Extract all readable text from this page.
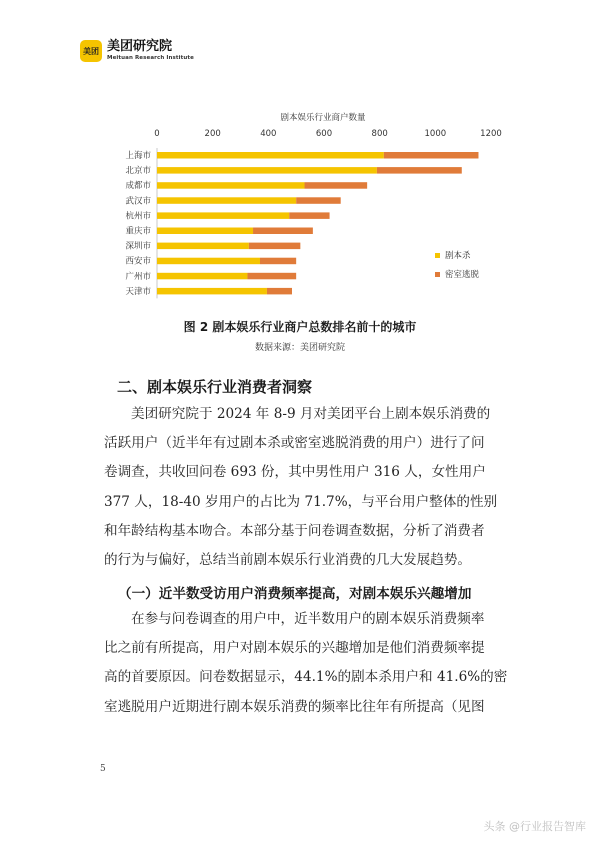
美团 美团研究院
Meituan Research Institute
剧本娱乐行业商户数量
0	200	400	600	800	1000	1200
上海市
北京市
成都市
武汉市
杭州市
重庆市
深圳市
西安市
广州市
天津市
剧本杀
密室逃脱
图 2 剧本娱乐行业商户总数排名前十的城市
数据来源：美团研究院
二、剧本娱乐行业消费者洞察

美团研究院于 2024 年 8-9 月对美团平台上剧本娱乐消费的
活跃用户（近半年有过剧本杀或密室逃脱消费的用户）进行了问
卷调查，共收回问卷 693 份，其中男性用户 316 人，女性用户
377 人，18-40 岁用户的占比为 71.7%，与平台用户整体的性别
和年龄结构基本吻合。本部分基于问卷调查数据，分析了消费者
的行为与偏好，总结当前剧本娱乐行业消费的几大发展趋势。

（一）近半数受访用户消费频率提高，对剧本娱乐兴趣增加

在参与问卷调查的用户中，近半数用户的剧本娱乐消费频率
比之前有所提高，用户对剧本娱乐的兴趣增加是他们消费频率提
高的首要原因。问卷数据显示，44.1%的剧本杀用户和 41.6%的密
室逃脱用户近期进行剧本娱乐消费的频率比往年有所提高（见图

5
头条 @行业报告智库
